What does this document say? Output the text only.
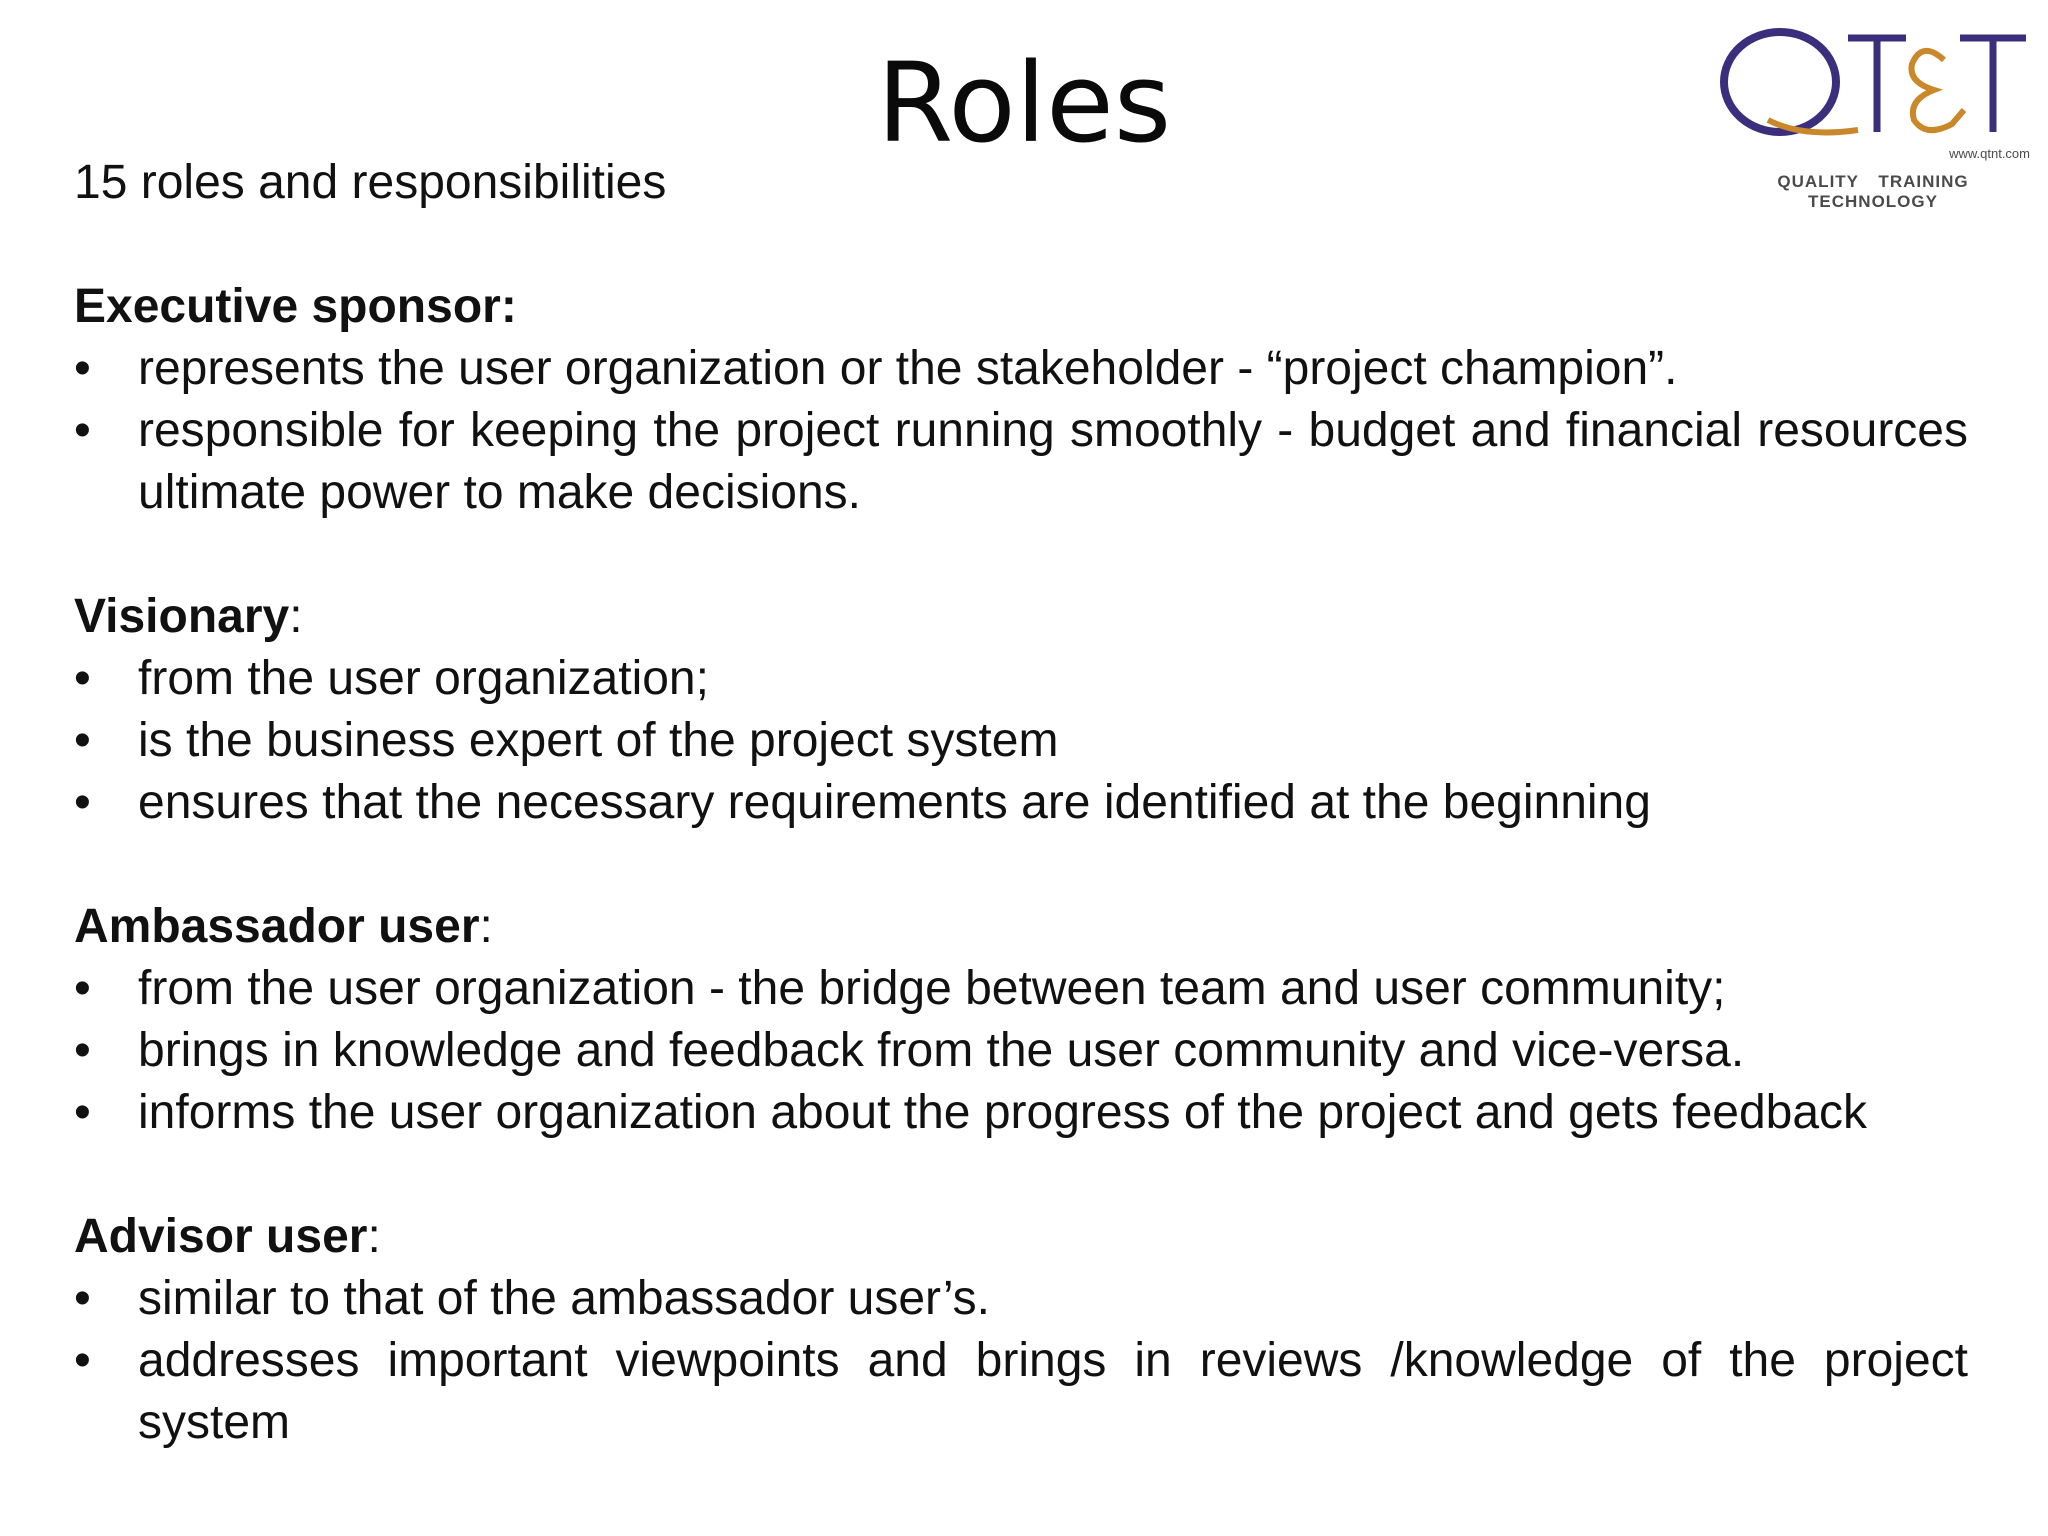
Roles	www.qtnt.com
QUALITY TRAINING TECHNOLOGY

15 roles and responsibilities

Executive sponsor:

• represents the user organization or the stakeholder - “project champion”.
• responsible for keeping the project running smoothly - budget and financial resources ultimate power to make decisions.

Visionary:

• from the user organization;
• is the business expert of the project system
• ensures that the necessary requirements are identified at the beginning

Ambassador user:

• from the user organization - the bridge between team and user community;
• brings in knowledge and feedback from the user community and vice-versa.
• informs the user organization about the progress of the project and gets feedback

Advisor user:

• similar to that of the ambassador user’s.
• addresses important viewpoints and brings in reviews /knowledge of the project system
